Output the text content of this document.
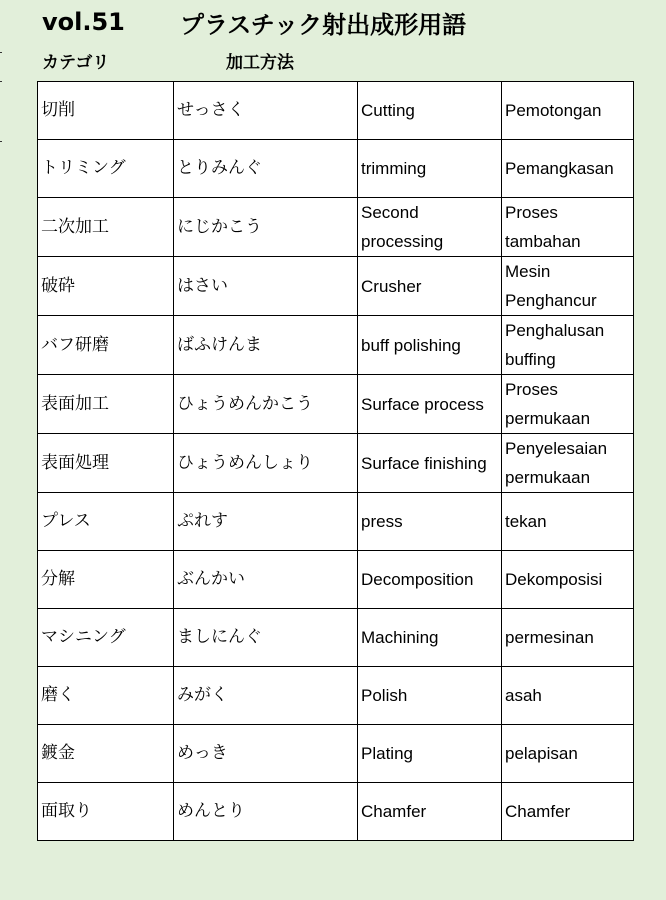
vol.51	プラスチック射出成形用語
カテゴリ	加工方法
切削	せっさく	Cutting	Pemotongan
トリミング	とりみんぐ	trimming	Pemangkasan
二次加工	にじかこう	Second processing	Proses tambahan
破砕	はさい	Crusher	Mesin Penghancur
バフ研磨	ばふけんま	buff polishing	Penghalusan buffing
表面加工	ひょうめんかこう	Surface process	Proses permukaan
表面処理	ひょうめんしょり	Surface finishing	Penyelesaian permukaan
プレス	ぷれす	press	tekan
分解	ぶんかい	Decomposition	Dekomposisi
マシニング	ましにんぐ	Machining	permesinan
磨く	みがく	Polish	asah
鍍金	めっき	Plating	pelapisan
面取り	めんとり	Chamfer	Chamfer
